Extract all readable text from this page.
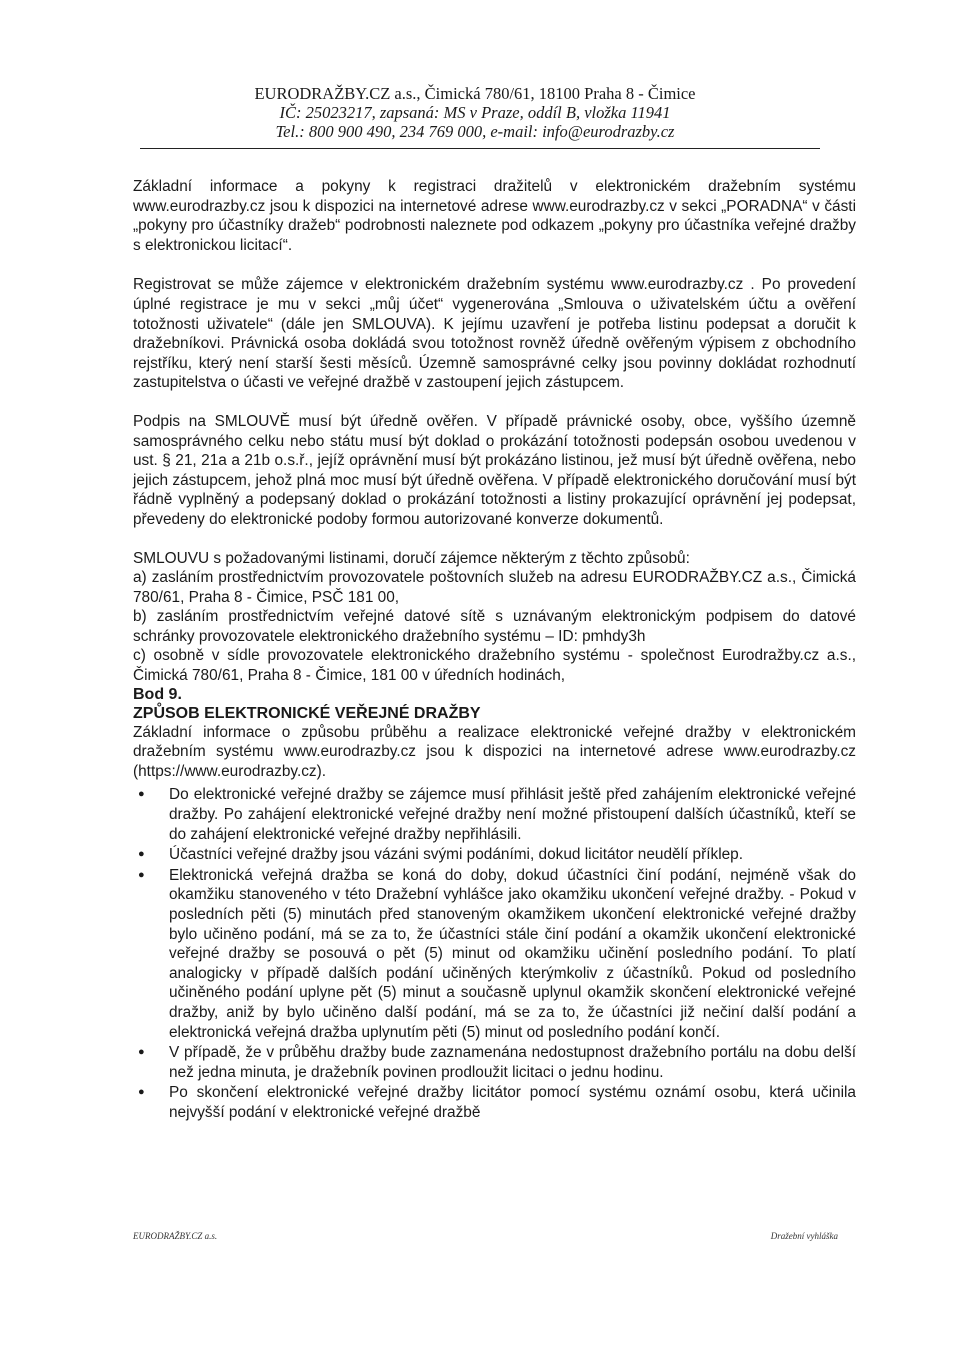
EURODRAŽBY.CZ a.s., Čimická 780/61, 18100 Praha 8 - Čimice
IČ: 25023217, zapsaná: MS v Praze, oddíl B, vložka 11941
Tel.: 800 900 490, 234 769 000, e-mail: info@eurodrazby.cz

Základní informace a pokyny k registraci dražitelů v elektronickém dražebním systému www.eurodrazby.cz jsou k dispozici na internetové adrese www.eurodrazby.cz v sekci „PORADNA“ v části „pokyny pro účastníky dražeb“ podrobnosti naleznete pod odkazem „pokyny pro účastníka veřejné dražby s elektronickou licitací“.

Registrovat se může zájemce v elektronickém dražebním systému www.eurodrazby.cz . Po provedení úplné registrace je mu v sekci „můj účet“ vygenerována „Smlouva o uživatelském účtu a ověření totožnosti uživatele“ (dále jen SMLOUVA). K jejímu uzavření je potřeba listinu podepsat a doručit k dražebníkovi. Právnická osoba dokládá svou totožnost rovněž úředně ověřeným výpisem z obchodního rejstříku, který není starší šesti měsíců. Územně samosprávné celky jsou povinny dokládat rozhodnutí zastupitelstva o účasti ve veřejné dražbě v zastoupení jejich zástupcem.

Podpis na SMLOUVĚ musí být úředně ověřen. V případě právnické osoby, obce, vyššího územně samosprávného celku nebo státu musí být doklad o prokázání totožnosti podepsán osobou uvedenou v ust. § 21, 21a a 21b o.s.ř., jejíž oprávnění musí být prokázáno listinou, jež musí být úředně ověřena, nebo jejich zástupcem, jehož plná moc musí být úředně ověřena. V případě elektronického doručování musí být řádně vyplněný a podepsaný doklad o prokázání totožnosti a listiny prokazující oprávnění jej podepsat, převedeny do elektronické podoby formou autorizované konverze dokumentů.

SMLOUVU s požadovanými listinami, doručí zájemce některým z těchto způsobů:

a) zasláním prostřednictvím provozovatele poštovních služeb na adresu EURODRAŽBY.CZ a.s., Čimická 780/61, Praha 8 - Čimice, PSČ 181 00,

b) zasláním prostřednictvím veřejné datové sítě s uznávaným elektronickým podpisem do datové schránky provozovatele elektronického dražebního systému – ID: pmhdy3h

c) osobně v sídle provozovatele elektronického dražebního systému - společnost Eurodražby.cz a.s., Čimická 780/61, Praha 8 - Čimice, 181 00 v úředních hodinách,

Bod 9.

ZPŮSOB ELEKTRONICKÉ VEŘEJNÉ DRAŽBY

Základní informace o způsobu průběhu a realizace elektronické veřejné dražby v elektronickém dražebním systému www.eurodrazby.cz jsou k dispozici na internetové adrese www.eurodrazby.cz (https://www.eurodrazby.cz).

● Do elektronické veřejné dražby se zájemce musí přihlásit ještě před zahájením elektronické veřejné dražby. Po zahájení elektronické veřejné dražby není možné přistoupení dalších účastníků, kteří se do zahájení elektronické veřejné dražby nepřihlásili.
● Účastníci veřejné dražby jsou vázáni svými podáními, dokud licitátor neudělí příklep.
● Elektronická veřejná dražba se koná do doby, dokud účastníci činí podání, nejméně však do okamžiku stanoveného v této Dražební vyhlášce jako okamžiku ukončení veřejné dražby. - Pokud v posledních pěti (5) minutách před stanoveným okamžikem ukončení elektronické veřejné dražby bylo učiněno podání, má se za to, že účastníci stále činí podání a okamžik ukončení elektronické veřejné dražby se posouvá o pět (5) minut od okamžiku učinění posledního podání. To platí analogicky v případě dalších podání učiněných kterýmkoliv z účastníků. Pokud od posledního učiněného podání uplyne pět (5) minut a současně uplynul okamžik skončení elektronické veřejné dražby, aniž by bylo učiněno další podání, má se za to, že účastníci již nečiní další podání a elektronická veřejná dražba uplynutím pěti (5) minut od posledního podání končí.
● V případě, že v průběhu dražby bude zaznamenána nedostupnost dražebního portálu na dobu delší než jedna minuta, je dražebník povinen prodloužit licitaci o jednu hodinu.
● Po skončení elektronické veřejné dražby licitátor pomocí systému oznámí osobu, která učinila nejvyšší podání v elektronické veřejné dražbě
EURODRAŽBY.CZ a.s.	Dražební vyhláška
